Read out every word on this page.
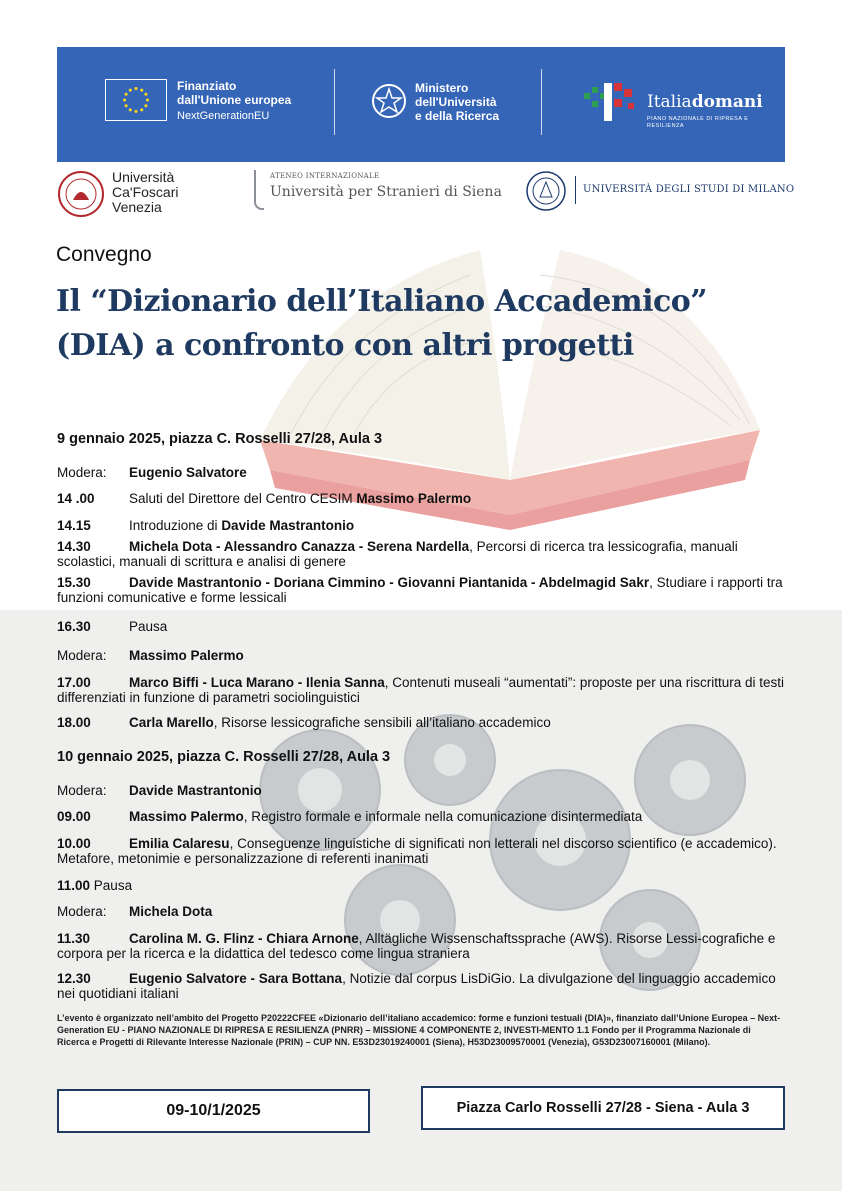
Finanziato
dall'Unione europea
NextGenerationEU
Ministero
dell'Università
e della Ricerca
Italiadomani
PIANO NAZIONALE DI RIPRESA E RESILIENZA
Università
Ca'Foscari
Venezia
ATENEO INTERNAZIONALE
Università per Stranieri di Siena	UNIVERSITÀ DEGLI STUDI DI MILANO
Convegno
Il “Dizionario dell’Italiano Accademico”
(DIA) a confronto con altri progetti
9 gennaio 2025, piazza C. Rosselli 27/28, Aula 3
Modera:	Eugenio Salvatore
14 .00	Saluti del Direttore del Centro CESIM Massimo Palermo
14.15	Introduzione di Davide Mastrantonio
14.30	Michela Dota - Alessandro Canazza - Serena Nardella, Percorsi di ricerca tra lessicografia, manuali scolastici, manuali di scrittura e analisi di genere
15.30	Davide Mastrantonio - Doriana Cimmino - Giovanni Piantanida - Abdelmagid Sakr, Studiare i rapporti tra funzioni comunicative e forme lessicali
16.30	Pausa
Modera:	Massimo Palermo
17.00	Marco Biffi - Luca Marano - Ilenia Sanna, Contenuti museali “aumentati”: proposte per una riscrittura di testi differenziati in funzione di parametri sociolinguistici
18.00	Carla Marello, Risorse lessicografiche sensibili all’italiano accademico
10 gennaio 2025, piazza C. Rosselli 27/28, Aula 3
Modera:	Davide Mastrantonio
09.00	Massimo Palermo, Registro formale e informale nella comunicazione disintermediata
10.00	Emilia Calaresu, Conseguenze linguistiche di significati non letterali nel discorso scientifico (e accademico). Metafore, metonimie e personalizzazione di referenti inanimati
11.00 Pausa
Modera:	Michela Dota
11.30	Carolina M. G. Flinz - Chiara Arnone, Alltägliche Wissenschaftssprache (AWS). Risorse Lessi-cografiche e corpora per la ricerca e la didattica del tedesco come lingua straniera
12.30	Eugenio Salvatore - Sara Bottana, Notizie dal corpus LisDiGio. La divulgazione del linguaggio accademico nei quotidiani italiani
L’evento è organizzato nell’ambito del Progetto P20222CFEE «Dizionario dell’italiano accademico: forme e funzioni testuali (DIA)», finanziato dall’Unione Europea – Next-Generation EU - PIANO NAZIONALE DI RIPRESA E RESILIENZA (PNRR) – MISSIONE 4 COMPONENTE 2, INVESTI-MENTO 1.1 Fondo per il Programma Nazionale di Ricerca e Progetti di Rilevante Interesse Nazionale (PRIN) – CUP NN. E53D23019240001 (Siena), H53D23009570001 (Venezia), G53D23007160001 (Milano).
09-10/1/2025	Piazza Carlo Rosselli 27/28 - Siena - Aula 3
